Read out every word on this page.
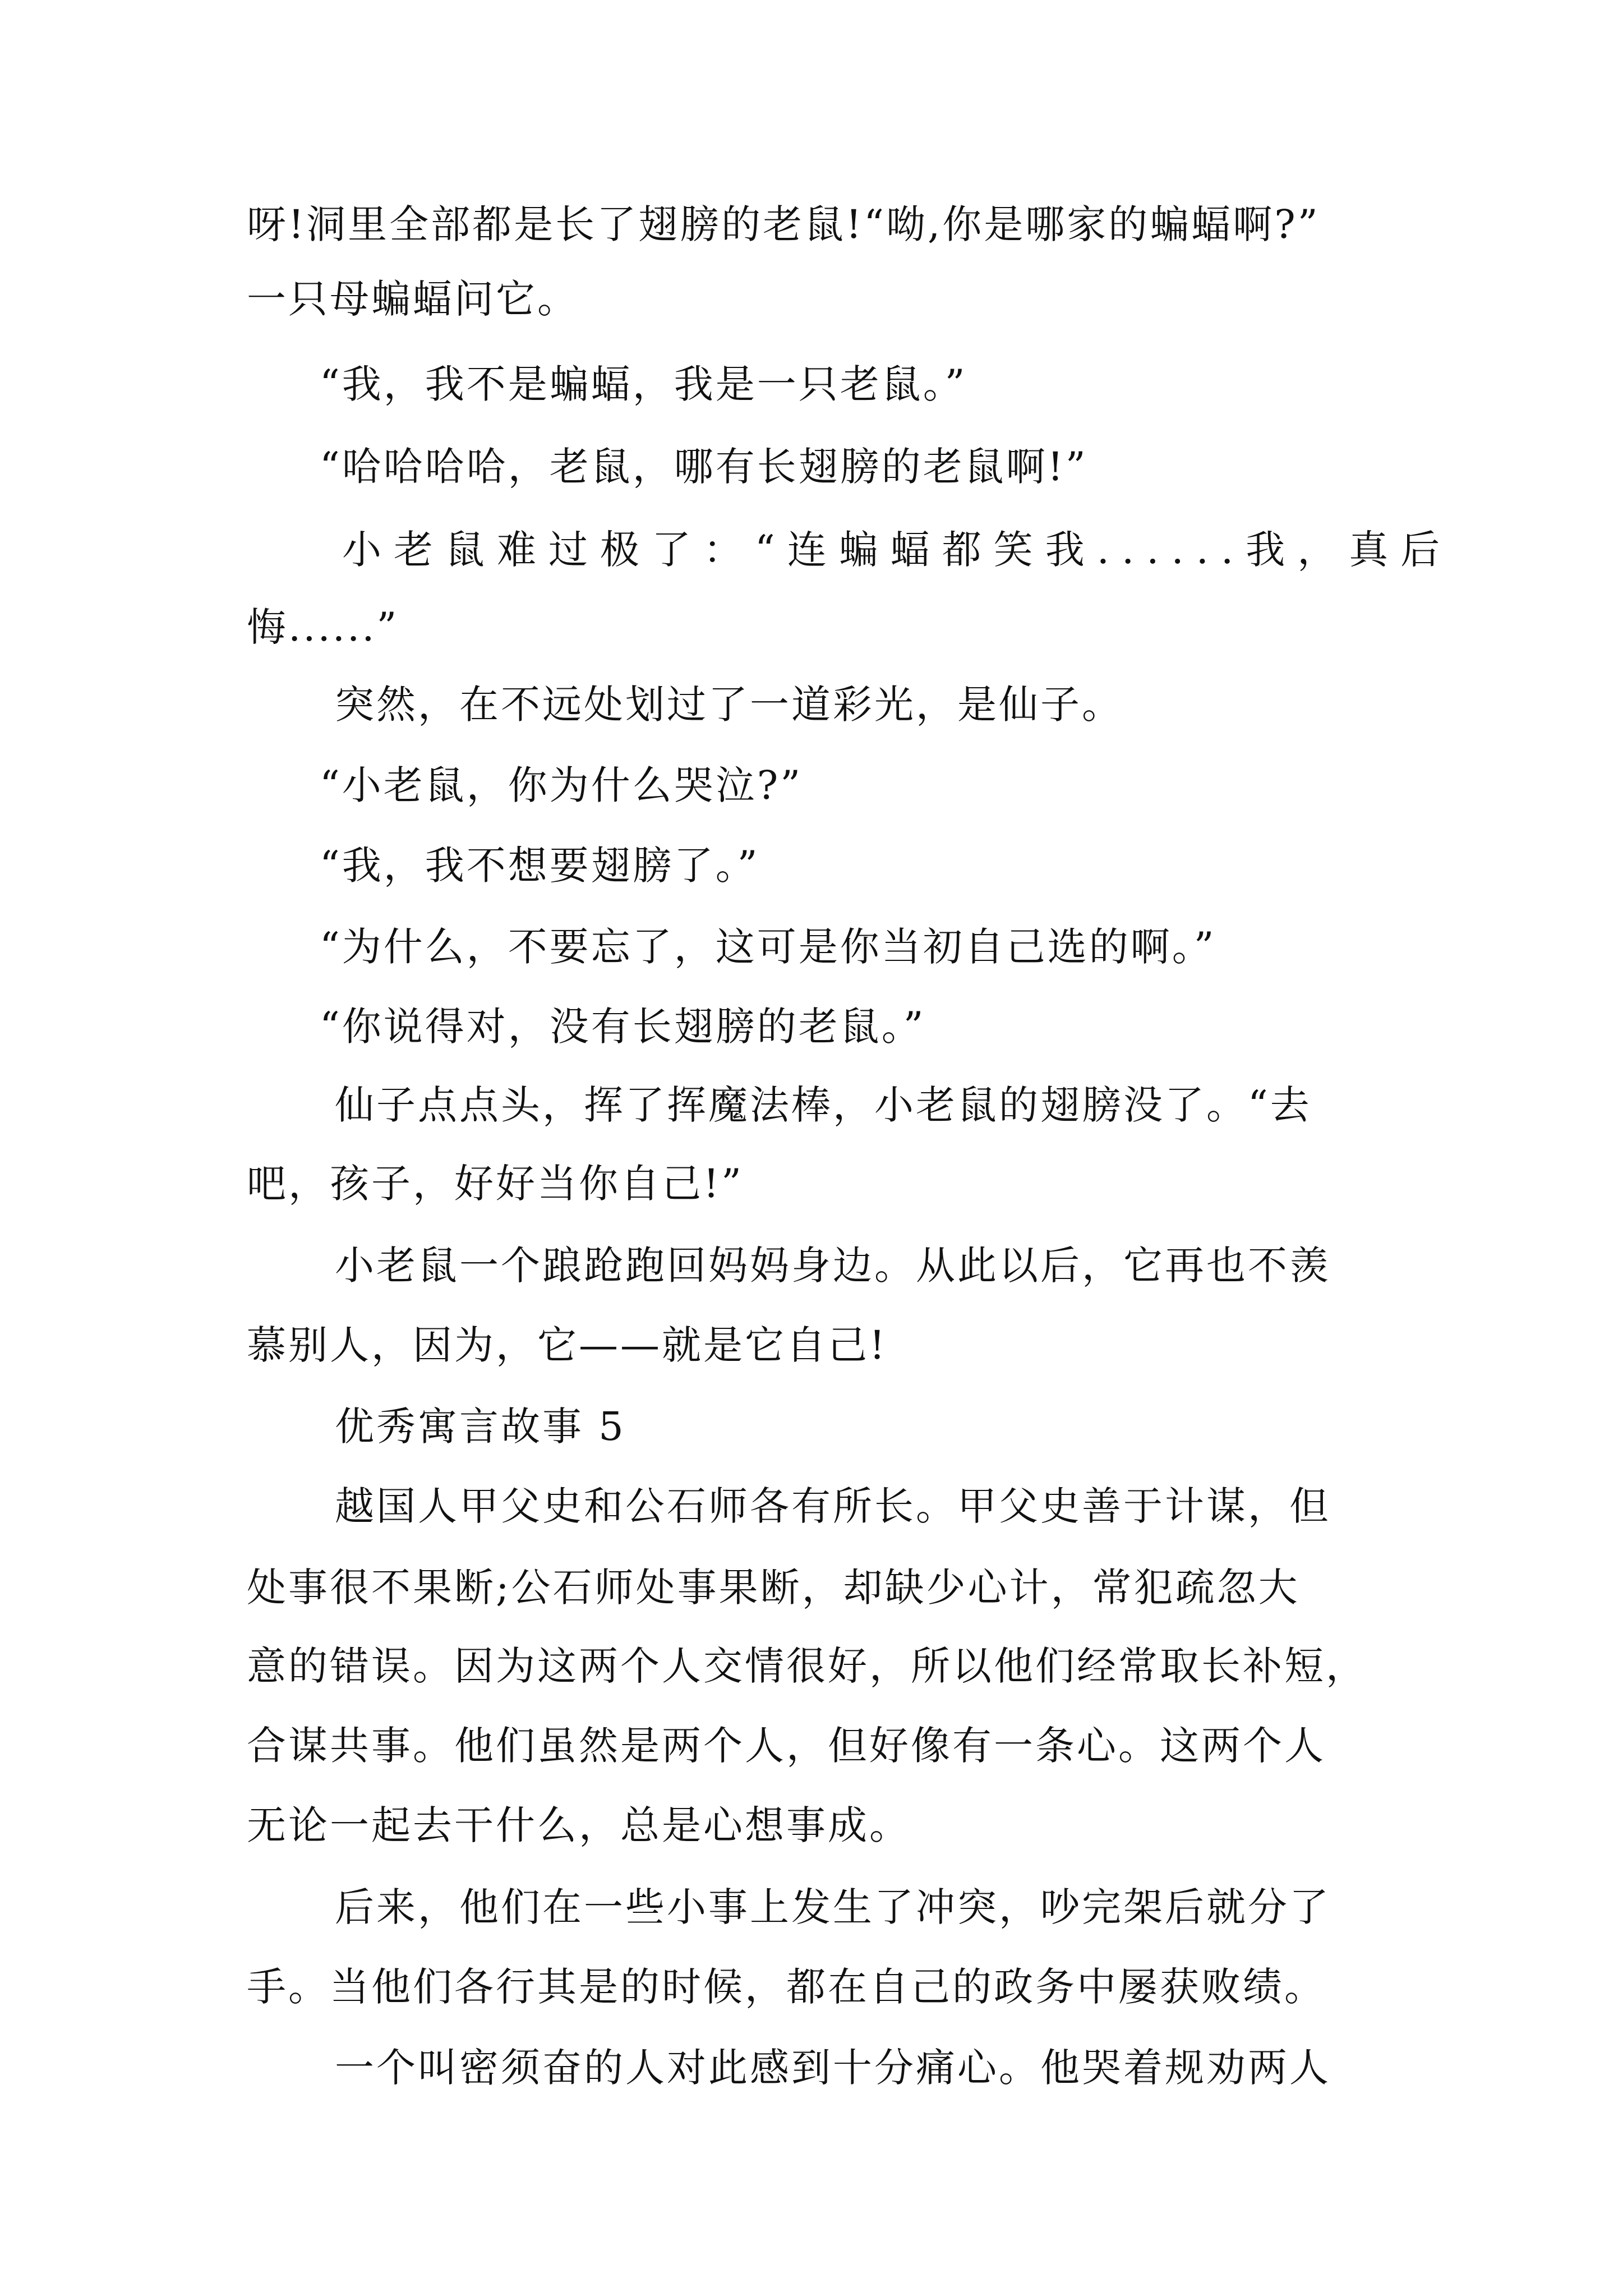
呀!洞里全部都是长了翅膀的老鼠!“呦,你是哪家的蝙蝠啊?”
一只母蝙蝠问它。
“我，我不是蝙蝠，我是一只老鼠。”
“哈哈哈哈，老鼠，哪有长翅膀的老鼠啊!”
小老鼠难过极了：“连蝙蝠都笑我......我，真后
悔......”
突然，在不远处划过了一道彩光，是仙子。
“小老鼠，你为什么哭泣?”
“我，我不想要翅膀了。”
“为什么，不要忘了，这可是你当初自己选的啊。”
“你说得对，没有长翅膀的老鼠。”
仙子点点头，挥了挥魔法棒，小老鼠的翅膀没了。“去
吧，孩子，好好当你自己!”
小老鼠一个踉跄跑回妈妈身边。从此以后，它再也不羡
慕别人，因为，它——就是它自己!
优秀寓言故事 5
越国人甲父史和公石师各有所长。甲父史善于计谋，但
处事很不果断;公石师处事果断，却缺少心计，常犯疏忽大
意的错误。因为这两个人交情很好，所以他们经常取长补短，
合谋共事。他们虽然是两个人，但好像有一条心。这两个人
无论一起去干什么，总是心想事成。
后来，他们在一些小事上发生了冲突，吵完架后就分了
手。当他们各行其是的时候，都在自己的政务中屡获败绩。
一个叫密须奋的人对此感到十分痛心。他哭着规劝两人
